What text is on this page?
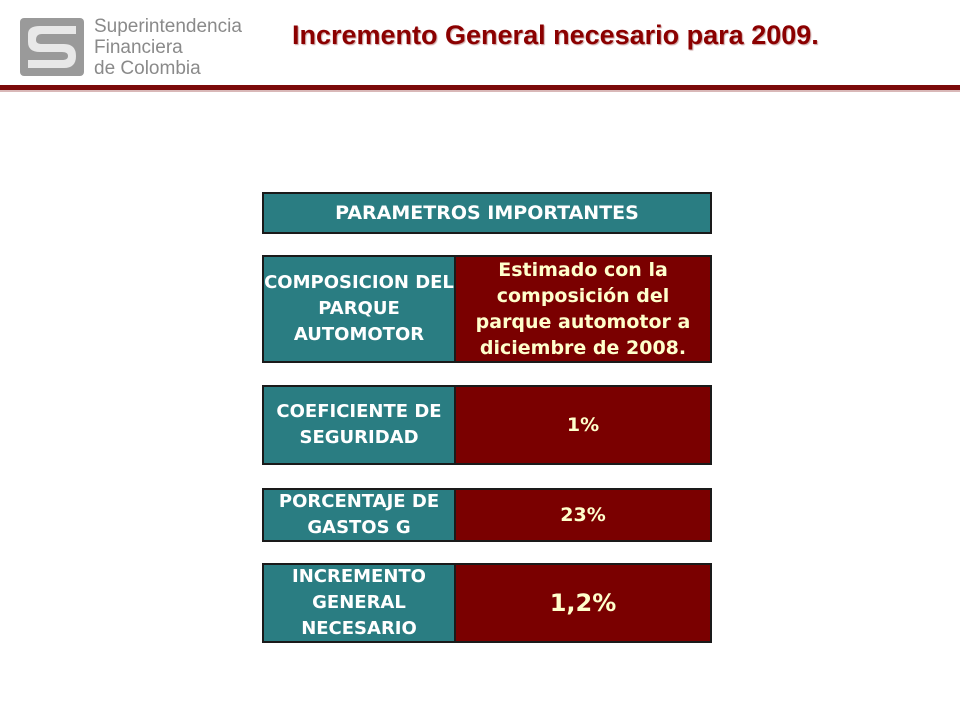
Superintendencia
Financiera
de Colombia
Incremento General necesario para 2009.
PARAMETROS IMPORTANTES
COMPOSICION DEL PARQUE AUTOMOTOR
Estimado con la composición del parque automotor a diciembre de 2008.
COEFICIENTE DE SEGURIDAD
1%
PORCENTAJE DE GASTOS G
23%
INCREMENTO GENERAL NECESARIO
1,2%
